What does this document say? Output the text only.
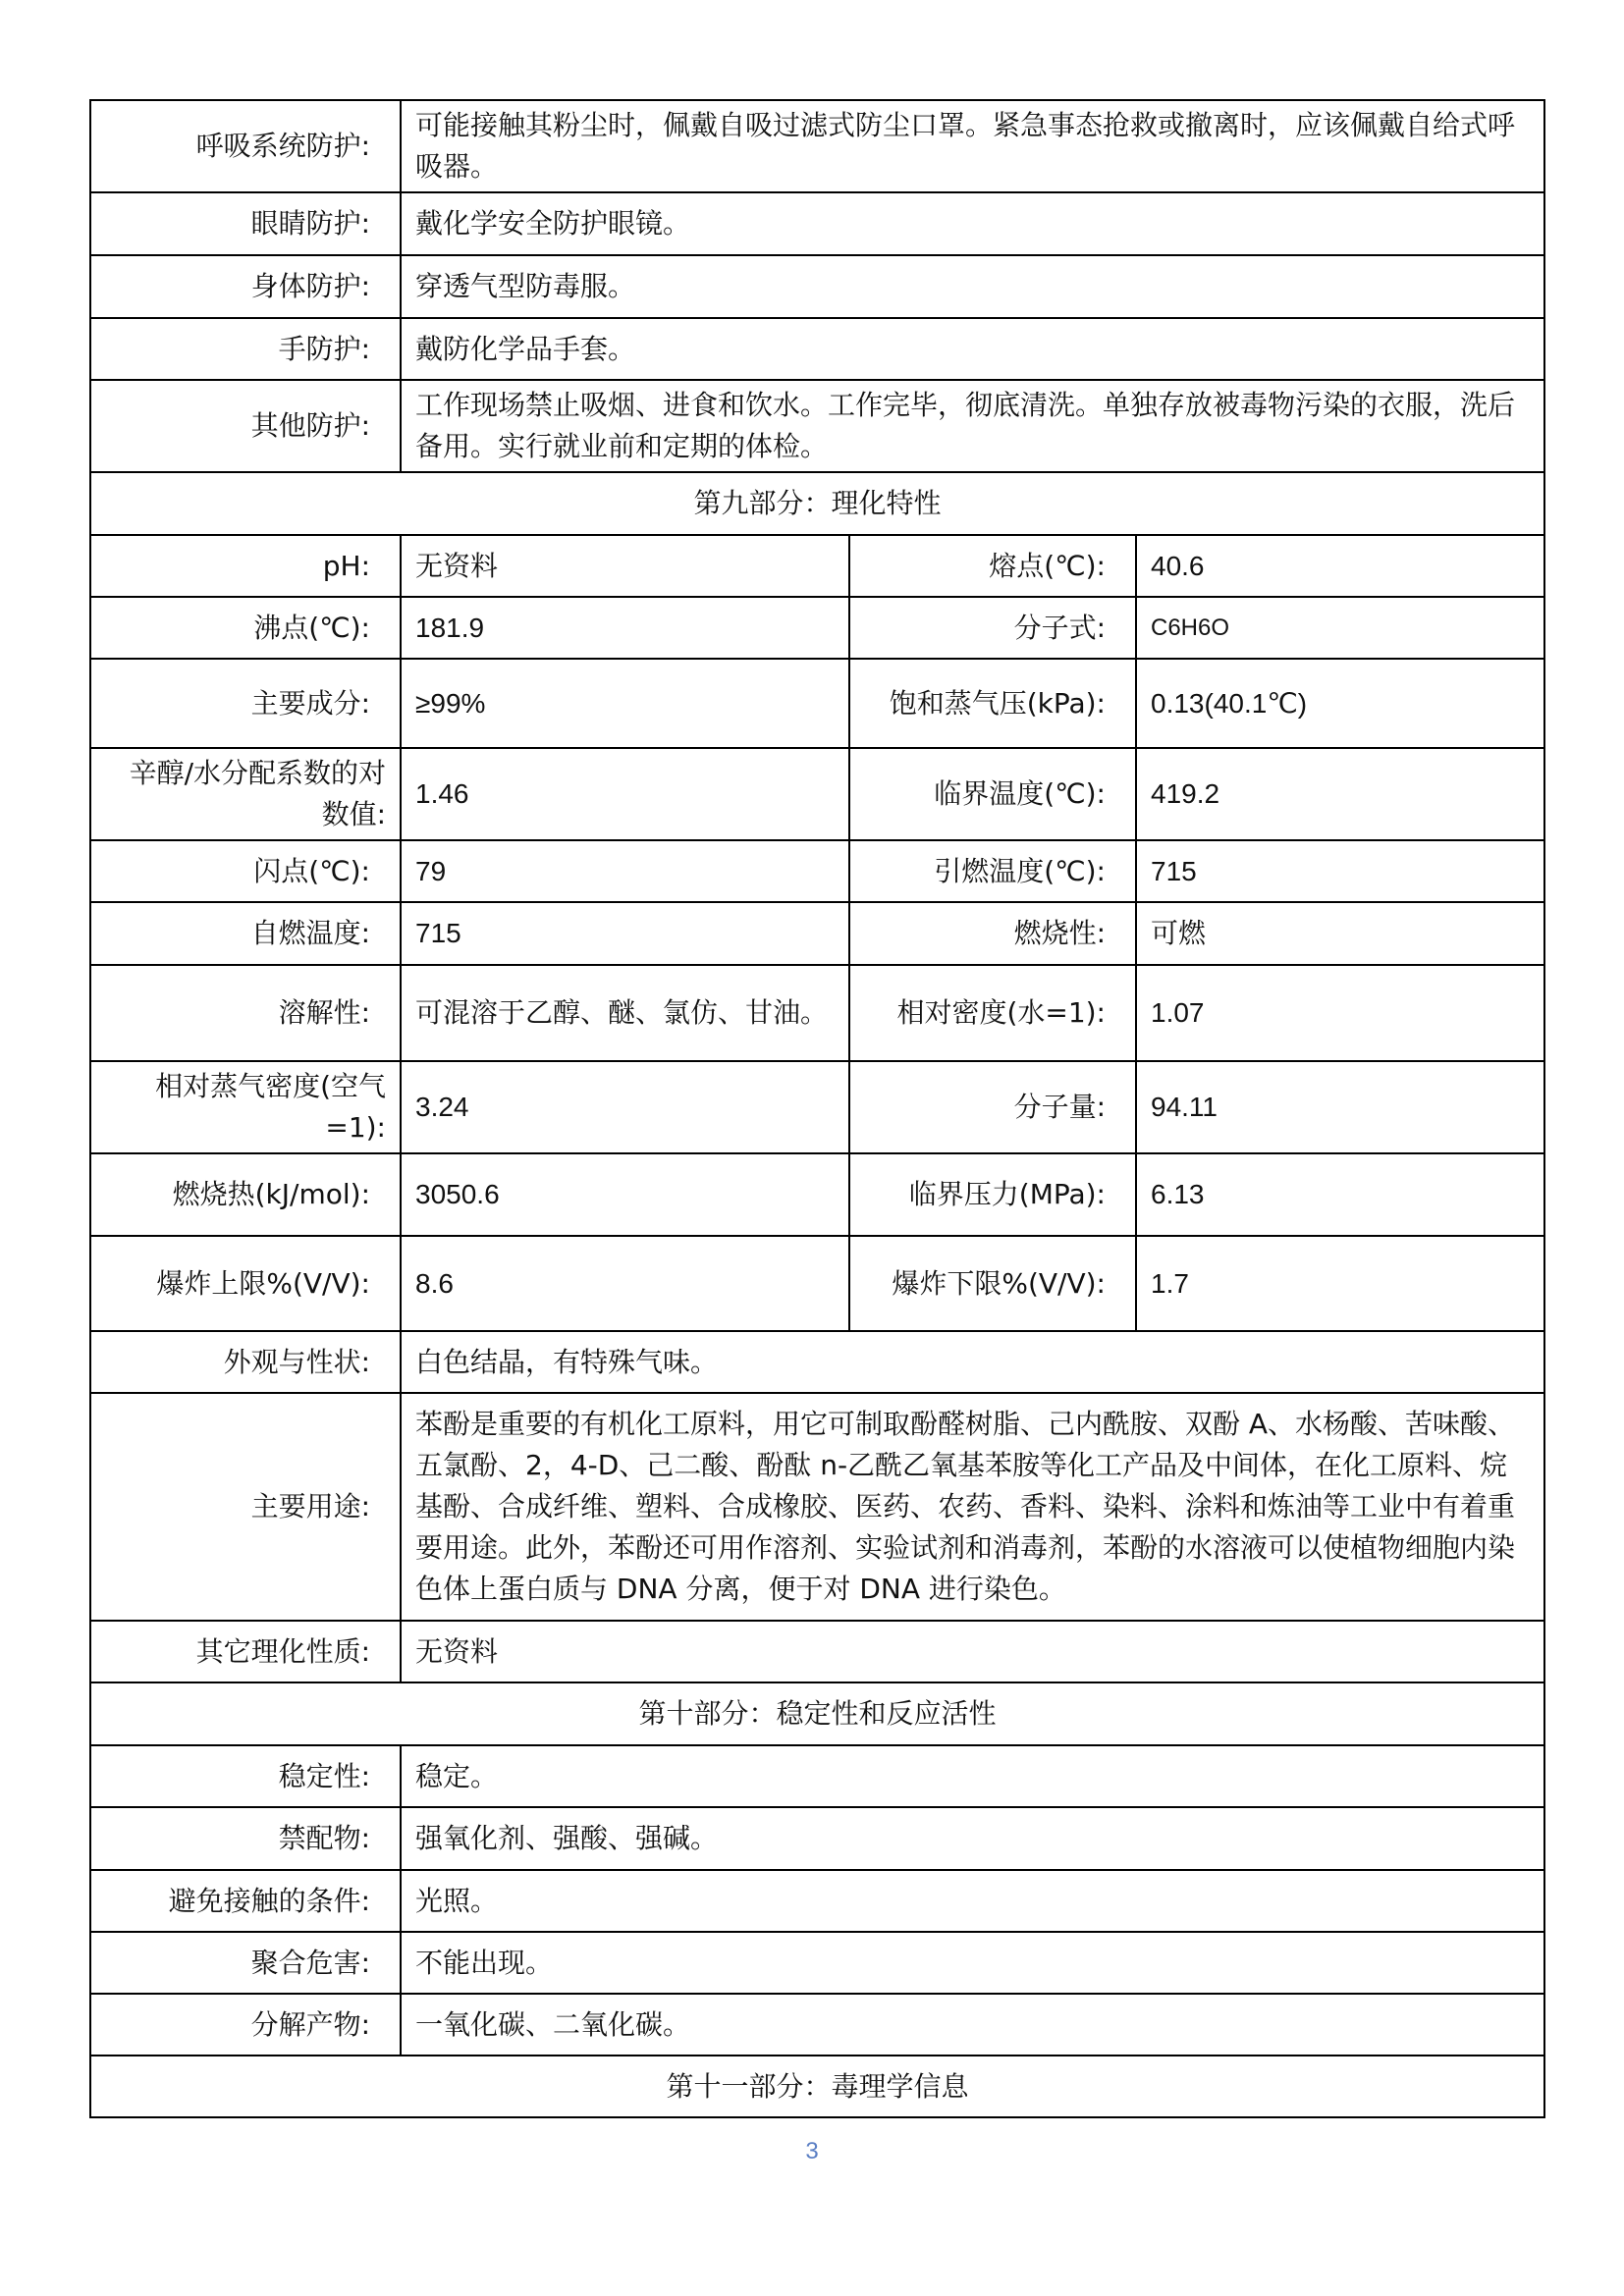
呼吸系统防护:	可能接触其粉尘时，佩戴自吸过滤式防尘口罩。紧急事态抢救或撤离时，应该佩戴自给式呼吸器。		
眼睛防护:	戴化学安全防护眼镜。		
身体防护:	穿透气型防毒服。		
手防护:	戴防化学品手套。		
其他防护:	工作现场禁止吸烟、进食和饮水。工作完毕，彻底清洗。单独存放被毒物污染的衣服，洗后备用。实行就业前和定期的体检。		
第九部分：理化特性			
pH:	无资料	熔点(℃):	40.6
沸点(℃):	181.9	分子式:	C6H6O
主要成分:	≥99%	饱和蒸气压(kPa):	0.13(40.1℃)
辛醇/水分配系数的对数值:	1.46	临界温度(℃):	419.2
闪点(℃):	79	引燃温度(℃):	715
自燃温度:	715	燃烧性:	可燃
溶解性:	可混溶于乙醇、醚、氯仿、甘油。	相对密度(水=1):	1.07
相对蒸气密度(空气=1):	3.24	分子量:	94.11
燃烧热(kJ/mol):	3050.6	临界压力(MPa):	6.13
爆炸上限%(V/V):	8.6	爆炸下限%(V/V):	1.7
外观与性状:	白色结晶，有特殊气味。		
主要用途:	苯酚是重要的有机化工原料，用它可制取酚醛树脂、己内酰胺、双酚 A、水杨酸、苦味酸、五氯酚、2，4-D、己二酸、酚酞 n-乙酰乙氧基苯胺等化工产品及中间体，在化工原料、烷基酚、合成纤维、塑料、合成橡胶、医药、农药、香料、染料、涂料和炼油等工业中有着重要用途。此外，苯酚还可用作溶剂、实验试剂和消毒剂，苯酚的水溶液可以使植物细胞内染色体上蛋白质与 DNA 分离，便于对 DNA 进行染色。		
其它理化性质:	无资料		
第十部分：稳定性和反应活性			
稳定性:	稳定。		
禁配物:	强氧化剂、强酸、强碱。		
避免接触的条件:	光照。		
聚合危害:	不能出现。		
分解产物:	一氧化碳、二氧化碳。		
第十一部分：毒理学信息			
3
